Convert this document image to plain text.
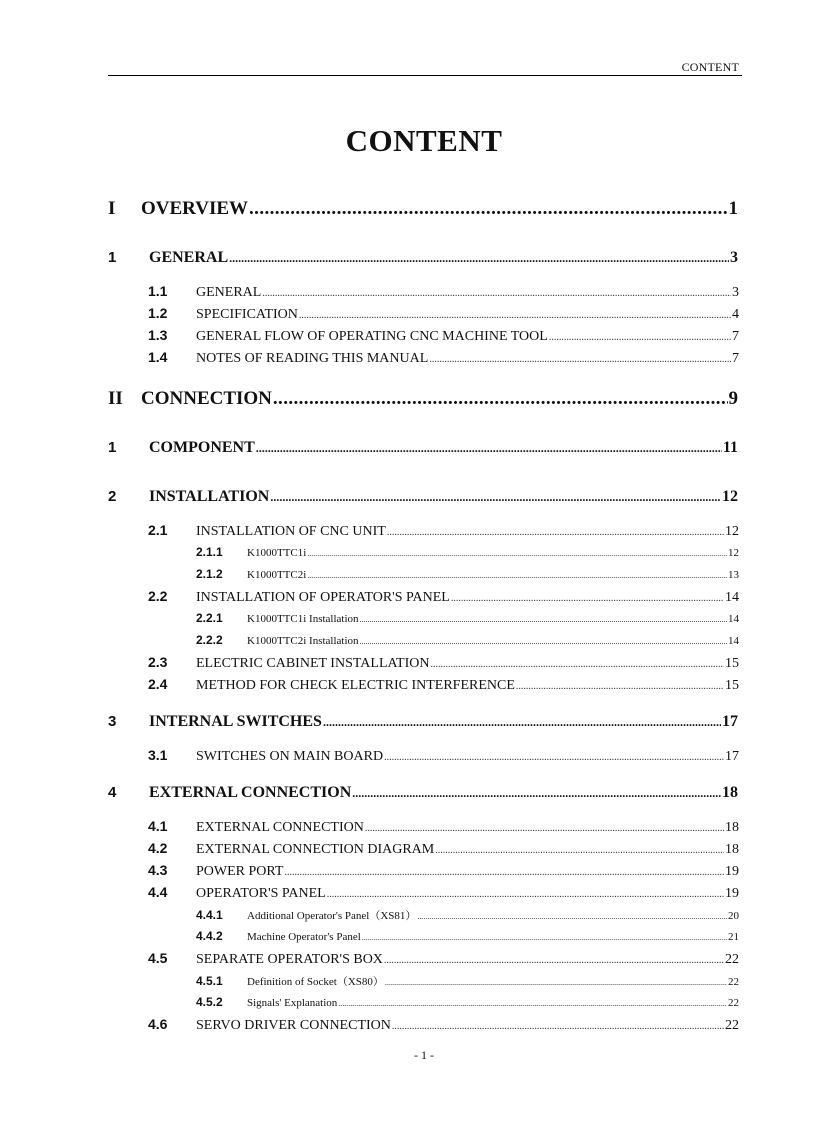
CONTENT
CONTENT
I	OVERVIEW .....	1
1	GENERAL .....	3
1.1	GENERAL .....	3
1.2	SPECIFICATION .....	4
1.3	GENERAL FLOW OF OPERATING CNC MACHINE TOOL .....	7
1.4	NOTES OF READING THIS MANUAL .....	7
II CONNECTION .....	9
1	COMPONENT .....	11
2	INSTALLATION .....	12
2.1	INSTALLATION OF CNC UNIT .....	12
2.1.1	K1000TTC1i .....	12
2.1.2	K1000TTC2i .....	13
2.2	INSTALLATION OF OPERATOR'S PANEL .....	14
2.2.1	K1000TTC1i Installation .....	14
2.2.2	K1000TTC2i Installation .....	14
2.3	ELECTRIC CABINET INSTALLATION .....	15
2.4	METHOD FOR CHECK ELECTRIC INTERFERENCE .....	15
3	INTERNAL SWITCHES .....	17
3.1	SWITCHES ON MAIN BOARD .....	17
4	EXTERNAL CONNECTION .....	18
4.1	EXTERNAL CONNECTION .....	18
4.2	EXTERNAL CONNECTION DIAGRAM .....	18
4.3	POWER PORT .....	19
4.4	OPERATOR'S PANEL .....	19
4.4.1	Additional Operator's Panel（XS81） .....	20
4.4.2	Machine Operator's Panel .....	21
4.5	SEPARATE OPERATOR'S BOX .....	22
4.5.1	Definition of Socket（XS80） .....	22
4.5.2	Signals' Explanation .....	22
4.6	SERVO DRIVER CONNECTION .....	22
- 1 -
